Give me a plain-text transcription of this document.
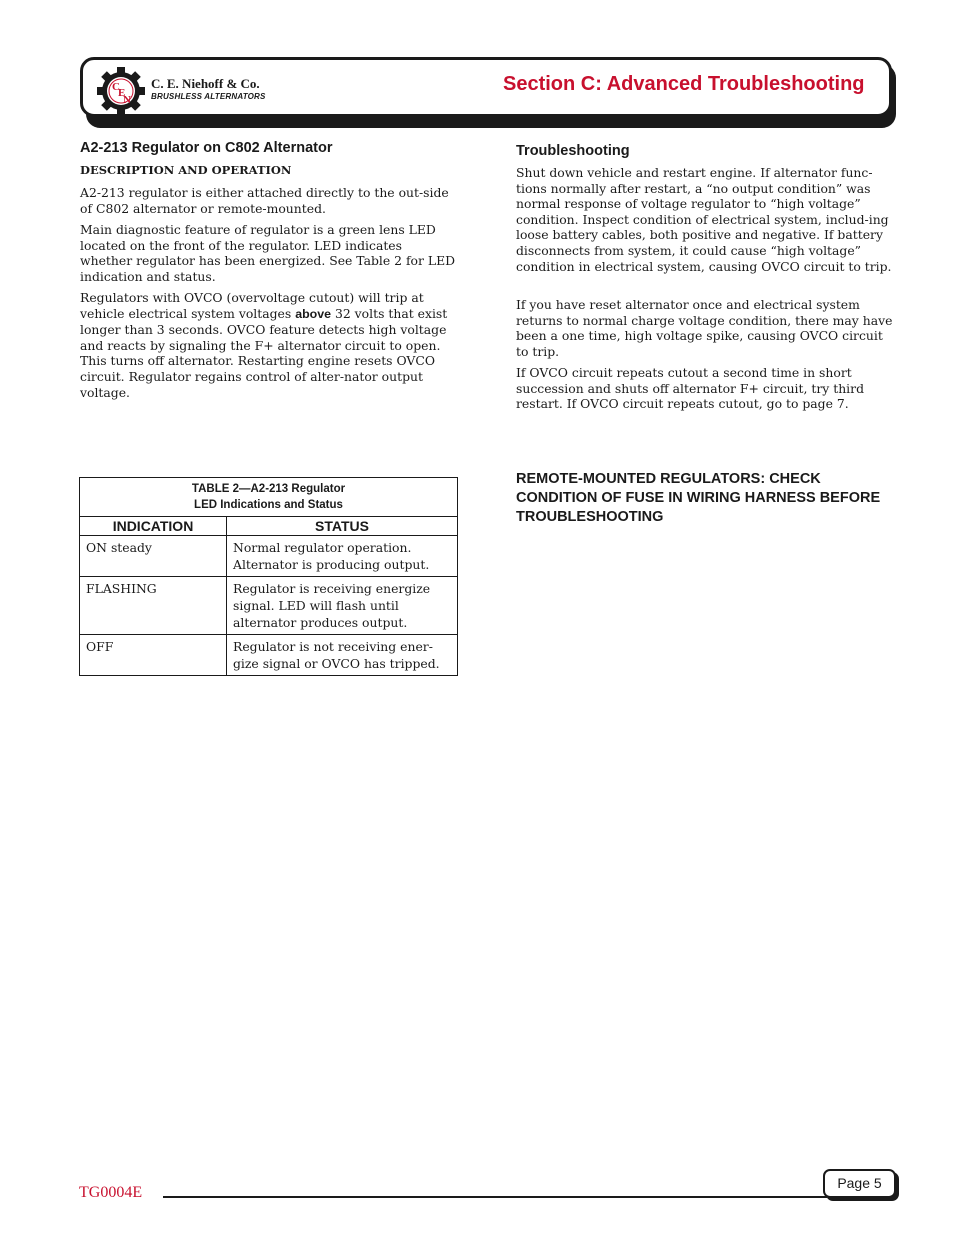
C
E
N
C. E. Niehoff & Co.
BRUSHLESS ALTERNATORS
Section C: Advanced Troubleshooting
A2-213 Regulator on C802 Alternator
DESCRIPTION AND OPERATION

A2-213 regulator is either attached directly to the out-side of C802 alternator or remote-mounted.

Main diagnostic feature of regulator is a green lens LED located on the front of the regulator. LED indicates whether regulator has been energized. See Table 2 for LED indication and status.

Regulators with OVCO (overvoltage cutout) will trip at vehicle electrical system voltages above 32 volts that exist longer than 3 seconds. OVCO feature detects high voltage and reacts by signaling the F+ alternator circuit to open. This turns off alternator. Restarting engine resets OVCO circuit. Regulator regains control of alter-nator output voltage.

TABLE 2—A2-213 Regulator
LED Indications and Status	

INDICATION	STATUS
ON steady	Normal regulator operation. Alternator is producing output.
FLASHING	Regulator is receiving energize signal. LED will flash until alternator produces output.
OFF	Regulator is not receiving ener-gize signal or OVCO has tripped.
Troubleshooting

Shut down vehicle and restart engine. If alternator func-tions normally after restart, a “no output condition” was normal response of voltage regulator to “high voltage” condition. Inspect condition of electrical system, includ-ing loose battery cables, both positive and negative. If battery disconnects from system, it could cause “high voltage” condition in electrical system, causing OVCO circuit to trip.

If you have reset alternator once and electrical system returns to normal charge voltage condition, there may have been a one time, high voltage spike, causing OVCO circuit to trip.

If OVCO circuit repeats cutout a second time in short succession and shuts off alternator F+ circuit, try third restart. If OVCO circuit repeats cutout, go to page 7.

REMOTE-MOUNTED REGULATORS: CHECK CONDITION OF FUSE IN WIRING HARNESS BEFORE TROUBLESHOOTING
TG0004E
Page 5
